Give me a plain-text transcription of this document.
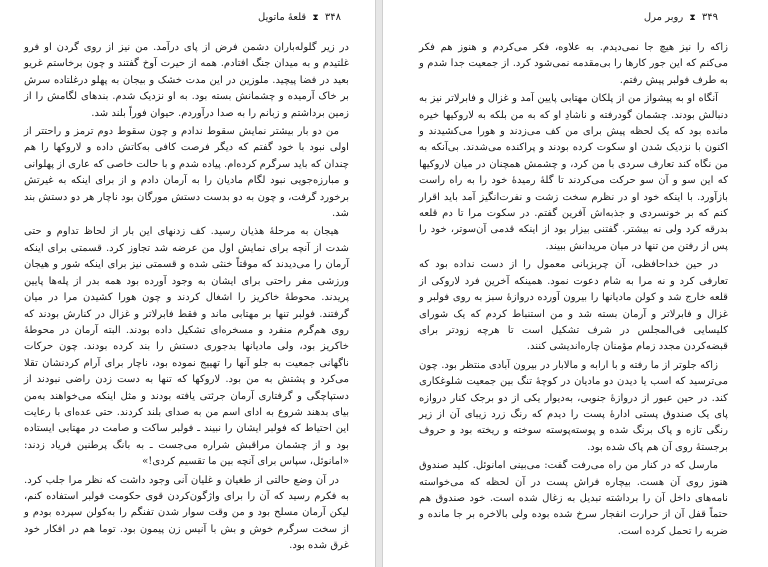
۳۴۸ ⧗ قلعهٔ ماتویل

در زیر گلوله‌باران دشمن فرض از پای درآمد. من نیز از روی گردن او فرو غلتیدم و به میدان جنگ افتادم. همه از حیرت آوخ گفتند و چون برخاستم غریو بعید در فضا پیچید. ملوزین در این مدت خشک و بیجان به پهلو درغلتاده سرش بر خاک آرمیده و چشمانش بسته بود. به او نزدیک شدم. بندهای لگامش را از زمین برداشتم و زبانم را به صدا درآوردم. حیوان فوراً بلند شد.

من دو بار بیشتر نمایش سقوط ندادم و چون سقوط دوم ترمز و راحتتر از اولی نبود با خود گفتم که دیگر فرصت کافی به‌کاتش داده و لاروکها را هم چندان که باید سرگرم کرده‌ام. پیاده شدم و با حالت خاصی که عاری از پهلوانی و مبارزه‌جویی نبود لگام مادیان را به آرمان دادم و از برای اینکه به غیرتش برخورد گرفت، و چون به دو بدست دستش مورگان بود ناچار هر دو دستش بند شد.

هیجان به مرحلهٔ هذیان رسید. کف زدنهای این بار از لحاظ تداوم و حتی شدت از آنچه برای نمایش اول من عرضه شد تجاوز کرد. قسمتی برای اینکه آرمان را می‌دیدند که موقتاً خنثی شده و قسمتی نیز برای اینکه شور و هیجان ورزشی مفر راحتی برای ایشان به وجود آورده بود همه بدر از پله‌ها پایین پریدند. محوطهٔ خاکریز را اشغال کردند و چون هورا کشیدن مرا در میان گرفتند. فولبر تنها بر مهتابی ماند و فقط فابرلاتر و غزال در کنارش بودند که روی هم‌گرم منفرد و مسخره‌ای تشکیل داده بودند. البته آرمان در محوطهٔ خاکریز بود، ولی مادیانها بدجوری دستش را بند کرده بودند. چون حرکات ناگهانی جمعیت به جلو آنها را تهییج نموده بود، ناچار برای آرام کردنشان تقلا می‌کرد و پشتش به من بود. لاروکها که تنها به دست زدن راضی نبودند از دستپاچگی و گرفتاری آرمان جرئتی یافته بودند و مثل اینکه می‌خواهند به‌من بیای بدهند شروع به ادای اسم من به صدای بلند کردند. حتی عده‌ای با رعایت این احتیاط که فولبر ایشان را نبیند ـ فولبر ساکت و صامت در مهتابی ایستاده بود و از چشمان مراقبش شراره می‌جست ـ به بانگ پرطنین فریاد زدند: «امانوئل، سپاس برای آنچه بین ما تقسیم کردی!»

در آن وضع حالتی از طغیان و غلیان آنی وجود داشت که نظر مرا جلب کرد. به فکرم رسید که آن را برای واژگون‌کردن قوی حکومت فولبر استفاده کنم، لیکن آرمان مسلح بود و من وقت سوار شدن تفنگم را به‌کولن سپرده بودم و از سخت سرگرم خوش و بش با آنیس زن پیمون بود. توما هم در افکار خود غرق شده بود.

۳۴۹ ⧗ روبر مرل

زاکه را نیز هیچ جا نمی‌دیدم. به علاوه، فکر می‌کردم و هنوز هم فکر می‌کنم که این جور کارها را بی‌مقدمه نمی‌شود کرد. از جمعیت جدا شدم و به طرف فولبر پیش رفتم.

آنگاه او به پیشواز من از پلکان مهتابی پایین آمد و غزال و فابرلاتر نیز به دنبالش بودند. چشمان گودرفته و ناشادِ او که به من بلکه به لاروکیها خیره مانده بود که یک لحظه پیش برای من کف می‌زدند و هورا می‌کشیدند و اکنون با نزدیک شدن او سکوت کرده بودند و پراکنده می‌شدند. بی‌آنکه به من نگاه کند تعارف سردی با من کرد، و چشمش همچنان در میان لاروکیها که این سو و آن سو حرکت می‌کردند تا گلهٔ رمیدهٔ خود را به راه راست بازآورد. با اینکه خود او در نظرم سخت زشت و نفرت‌انگیز آمد باید اقرار کنم که بر خونسردی و جذبه‌اش آفرین گفتم. در سکوت مرا تا دم قلعه بدرقه کرد ولی نه بیشتر. گفتنی بیزار بود از اینکه قدمی آن‌سوتر، خود را پس از رفتن من تنها در میان مریدانش ببیند.

در حین خداحافظی، آن چربزبانی معمول را از دست نداده بود که تعارفی کرد و نه مرا به شام دعوت نمود. همینکه آخرین فرد لاروکی از قلعه خارج شد و کولن مادیانها را بیرون آورده دروازهٔ سبز به روی فولبر و غزال و فابرلاتر و آرمان بسته شد و من استنباط کردم که یک شورای کلیسایی فی‌المجلس در شرف تشکیل است تا هرچه زودتر برای قبضه‌کردن مجدد زمام مؤمنان چاره‌اندیشی کنند.

زاکه جلوتر از ما رفته و با ارابه و مالابار در بیرون آبادی منتظر بود. چون می‌ترسید که اسب یا دیدن دو مادیان در کوچهٔ تنگ بین جمعیت شلوغکاری کند. در حین عبور از دروازهٔ جنوبی، به‌دیوار یکی از دو برجک کنار دروازه پای یک صندوق پستی ادارهٔ پست را دیدم که رنگ زرد زیبای آن از زیر رنگی تازه و پاک برنگ شده و پوسته‌پوسته سوخته و ریخته بود و حروف برجستهٔ روی آن هم پاک شده بود.

مارسل که در کنار من راه می‌رفت گفت: می‌بینی امانوئل. کلید صندوق هنوز روی آن هست. بیچاره فراش پست در آن لحظه که می‌خواسته نامه‌های داخل آن را برداشته تبدیل به زغال شده است. خود صندوق هم حتماً قفل آن از حرارت انفجار سرخ شده بوده ولی بالاخره بر جا مانده و ضربه را تحمل کرده است.
